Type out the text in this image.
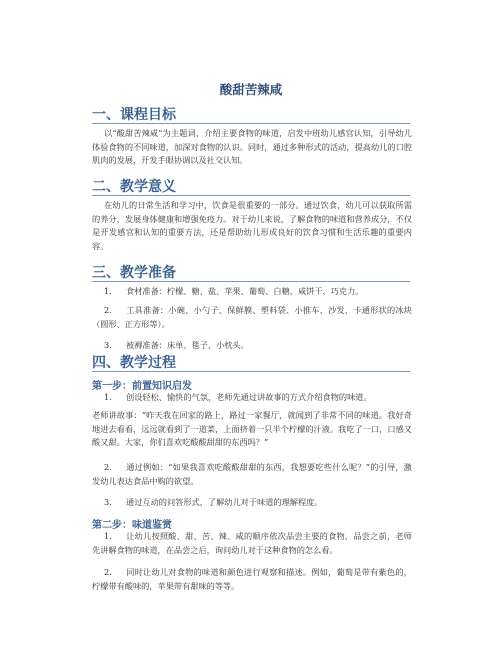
酸甜苦辣咸
一、课程目标
以“酸甜苦辣咸”为主题词，介绍主要食物的味道，启发中班幼儿感官认知，引导幼儿体验食物的不同味道，加深对食物的认识。同时，通过多种形式的活动，提高幼儿的口腔肌肉的发展，开发手眼协调以及社交认知。
二、教学意义
在幼儿的日常生活和学习中，饮食是很重要的一部分。通过饮食，幼儿可以获取所需的养分，发展身体健康和增强免疫力。对于幼儿来说，了解食物的味道和营养成分，不仅是开发感官和认知的重要方法，还是帮助幼儿形成良好的饮食习惯和生活乐趣的重要内容。
三、教学准备
1. 食材准备：柠檬、糖、盐、苹果、葡萄、白糖、咸饼干、巧克力。
2. 工具准备：小碗、小勺子、保鲜膜、塑料袋、小推车、沙发，卡通形状的冰块（圆形、正方形等）。
3. 被褥准备：床单、毯子、小枕头。
四、教学过程
第一步：前置知识启发
1. 创设轻松、愉快的气氛，老师先通过讲故事的方式介绍食物的味道。
老师讲故事：“昨天我在回家的路上，路过一家餐厅，就闻到了非常不同的味道。我好奇地进去看看，远远就看到了一道菜，上面挤着一只半个柠檬的汁液。我吃了一口，口感又酸又甜。大家，你们喜欢吃酸酸甜甜的东西吗？”
2. 通过例如：“如果我喜欢吃酸酸甜甜的东西，我想要吃些什么呢？”的引导，激发幼儿表达食品中购的欲望。
3. 通过互动的问答形式，了解幼儿对于味道的理解程度。
第二步：味道鉴赏
1. 让幼儿按照酸、甜、苦、辣、咸的顺序依次品尝主要的食物，品尝之前，老师先讲解食物的味道，在品尝之后，询问幼儿对于这种食物的怎么看。
2. 同时让幼儿对食物的味道和颜色进行观察和描述。例如，葡萄是带有紫色的，柠檬带有酸味的，苹果带有甜味的等等。
